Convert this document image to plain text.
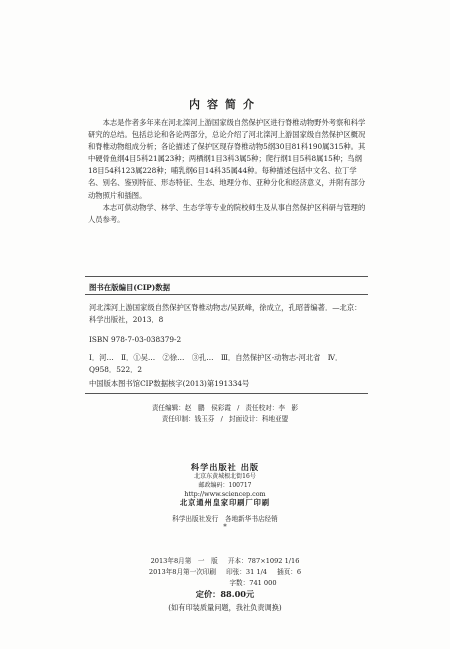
内容简介

本志是作者多年来在河北滦河上游国家级自然保护区进行脊椎动物野外考察和科学研究的总结。包括总论和各论两部分，总论介绍了河北滦河上游国家级自然保护区概况和脊椎动物组成分析；各论描述了保护区现存脊椎动物5纲30目81科190属315种。其中硬骨鱼纲4目5科21属23种；两栖纲1目3科3属5种；爬行纲1目5科8属15种；鸟纲18目54科123属228种；哺乳纲6目14科35属44种。每种描述包括中文名、拉丁学名、别名、鉴别特征、形态特征、生态、地理分布、亚种分化和经济意义，并附有部分动物照片和插图。

本志可供动物学、林学、生态学等专业的院校师生及从事自然保护区科研与管理的人员参考。

图书在版编目(CIP)数据
河北滦河上游国家级自然保护区脊椎动物志/吴跃峰，徐成立，孔昭普编著．—北京：科学出版社，2013．8
ISBN 978-7-03-038379-2
Ⅰ．河…　Ⅱ．①吴…　②徐…　③孔…　Ⅲ．自然保护区-动物志-河北省　Ⅳ．Q958．522．2
中国版本图书馆CIP数据核字(2013)第191334号
责任编辑：赵　鹏　侯彩霞 / 责任校对：李　影
责任印制：钱玉芬 / 封面设计：科地亚盟
科学出版社 出版
北京东黄城根北街16号
邮政编码：100717
http://www.sciencep.com
北京通州皇家印刷厂印刷
科学出版社发行　各地新华书店经销
*
2013年8月第　一　版 开本：787×1092 1/16
2013年8月第一次印刷 印张：31 1/4 插页：6
字数：741 000
定价：88.00元
(如有印装质量问题，我社负责调换)
